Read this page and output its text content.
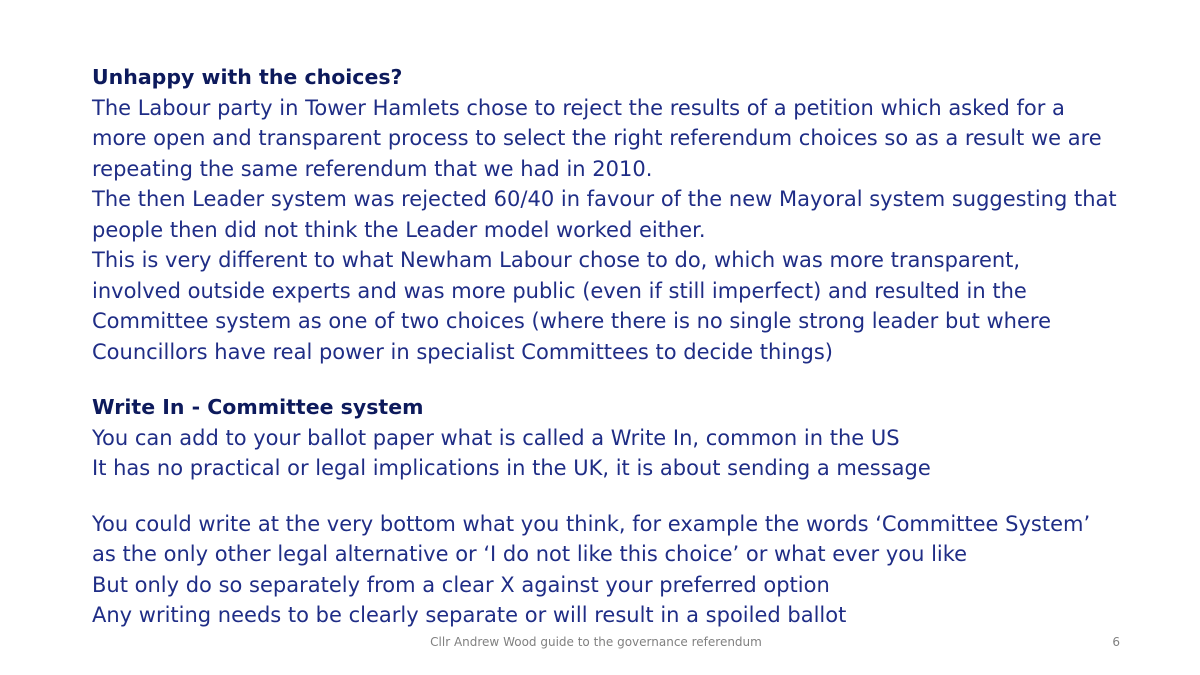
Unhappy with the choices?
The Labour party in Tower Hamlets chose to reject the results of a petition which asked for a
more open and transparent process to select the right referendum choices so as a result we are
repeating the same referendum that we had in 2010.
The then Leader system was rejected 60/40 in favour of the new Mayoral system suggesting that
people then did not think the Leader model worked either.
This is very different to what Newham Labour chose to do, which was more transparent,
involved outside experts and was more public (even if still imperfect) and resulted in the
Committee system as one of two choices (where there is no single strong leader but where
Councillors have real power in specialist Committees to decide things)
Write In - Committee system
You can add to your ballot paper what is called a Write In, common in the US
It has no practical or legal implications in the UK, it is about sending a message
You could write at the very bottom what you think, for example the words ‘Committee System’
as the only other legal alternative or ‘I do not like this choice’ or what ever you like
But only do so separately from a clear X against your preferred option
Any writing needs to be clearly separate or will result in a spoiled ballot
Cllr Andrew Wood guide to the governance referendum	6
